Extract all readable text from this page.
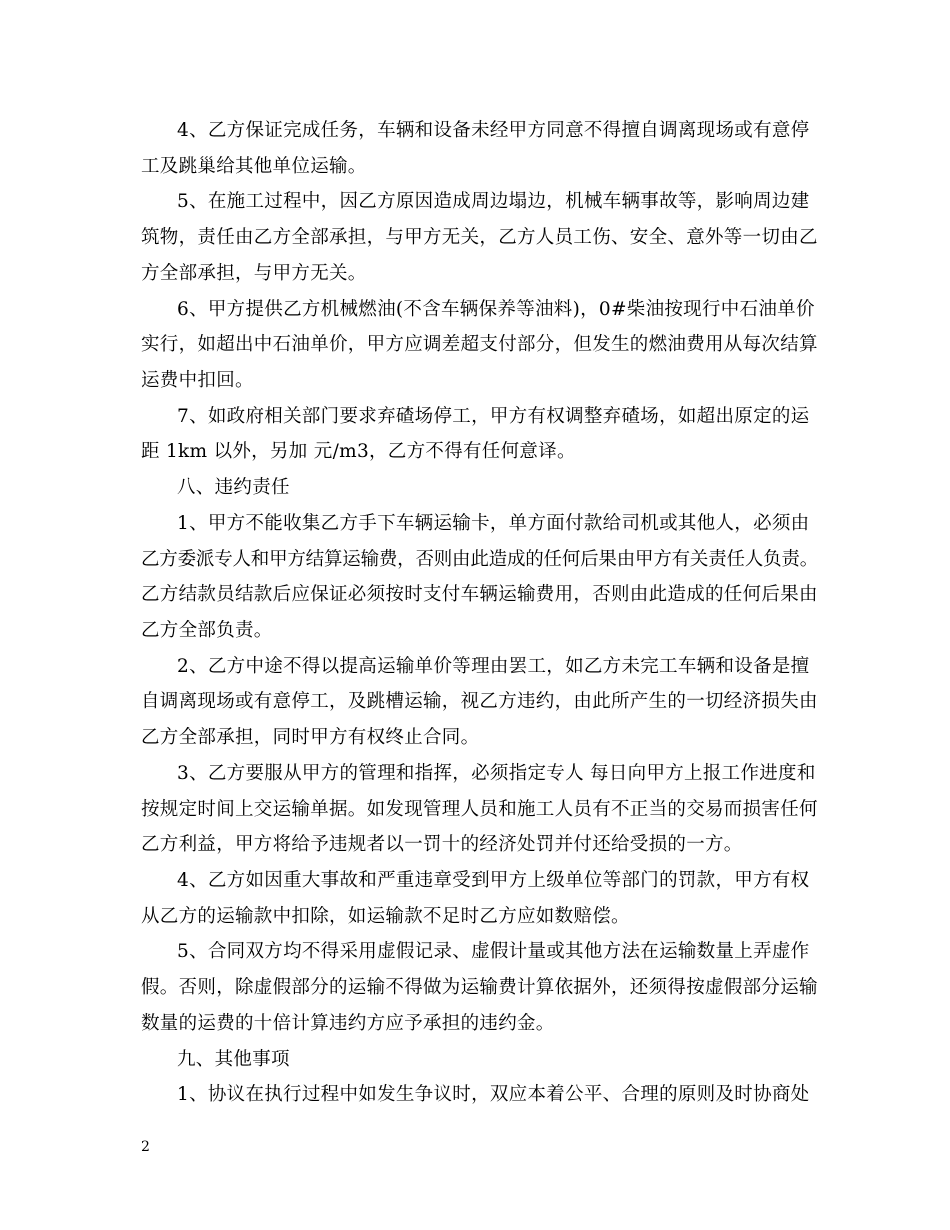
4、乙方保证完成任务，车辆和设备未经甲方同意不得擅自调离现场或有意停
工及跳巢给其他单位运输。
5、在施工过程中，因乙方原因造成周边塌边，机械车辆事故等，影响周边建
筑物，责任由乙方全部承担，与甲方无关，乙方人员工伤、安全、意外等一切由乙
方全部承担，与甲方无关。
6、甲方提供乙方机械燃油(不含车辆保养等油料)，0#柴油按现行中石油单价
实行，如超出中石油单价，甲方应调差超支付部分，但发生的燃油费用从每次结算
运费中扣回。
7、如政府相关部门要求弃碴场停工，甲方有权调整弃碴场，如超出原定的运
距 1km 以外，另加 元/m3，乙方不得有任何意译。
八、违约责任
1、甲方不能收集乙方手下车辆运输卡，单方面付款给司机或其他人，必须由
乙方委派专人和甲方结算运输费，否则由此造成的任何后果由甲方有关责任人负责。
乙方结款员结款后应保证必须按时支付车辆运输费用，否则由此造成的任何后果由
乙方全部负责。
2、乙方中途不得以提高运输单价等理由罢工，如乙方未完工车辆和设备是擅
自调离现场或有意停工，及跳槽运输，视乙方违约，由此所产生的一切经济损失由
乙方全部承担，同时甲方有权终止合同。
3、乙方要服从甲方的管理和指挥，必须指定专人 每日向甲方上报工作进度和
按规定时间上交运输单据。如发现管理人员和施工人员有不正当的交易而损害任何
乙方利益，甲方将给予违规者以一罚十的经济处罚并付还给受损的一方。
4、乙方如因重大事故和严重违章受到甲方上级单位等部门的罚款，甲方有权
从乙方的运输款中扣除，如运输款不足时乙方应如数赔偿。
5、合同双方均不得采用虚假记录、虚假计量或其他方法在运输数量上弄虚作
假。否则，除虚假部分的运输不得做为运输费计算依据外，还须得按虚假部分运输
数量的运费的十倍计算违约方应予承担的违约金。
九、其他事项
1、协议在执行过程中如发生争议时，双应本着公平、合理的原则及时协商处
2
